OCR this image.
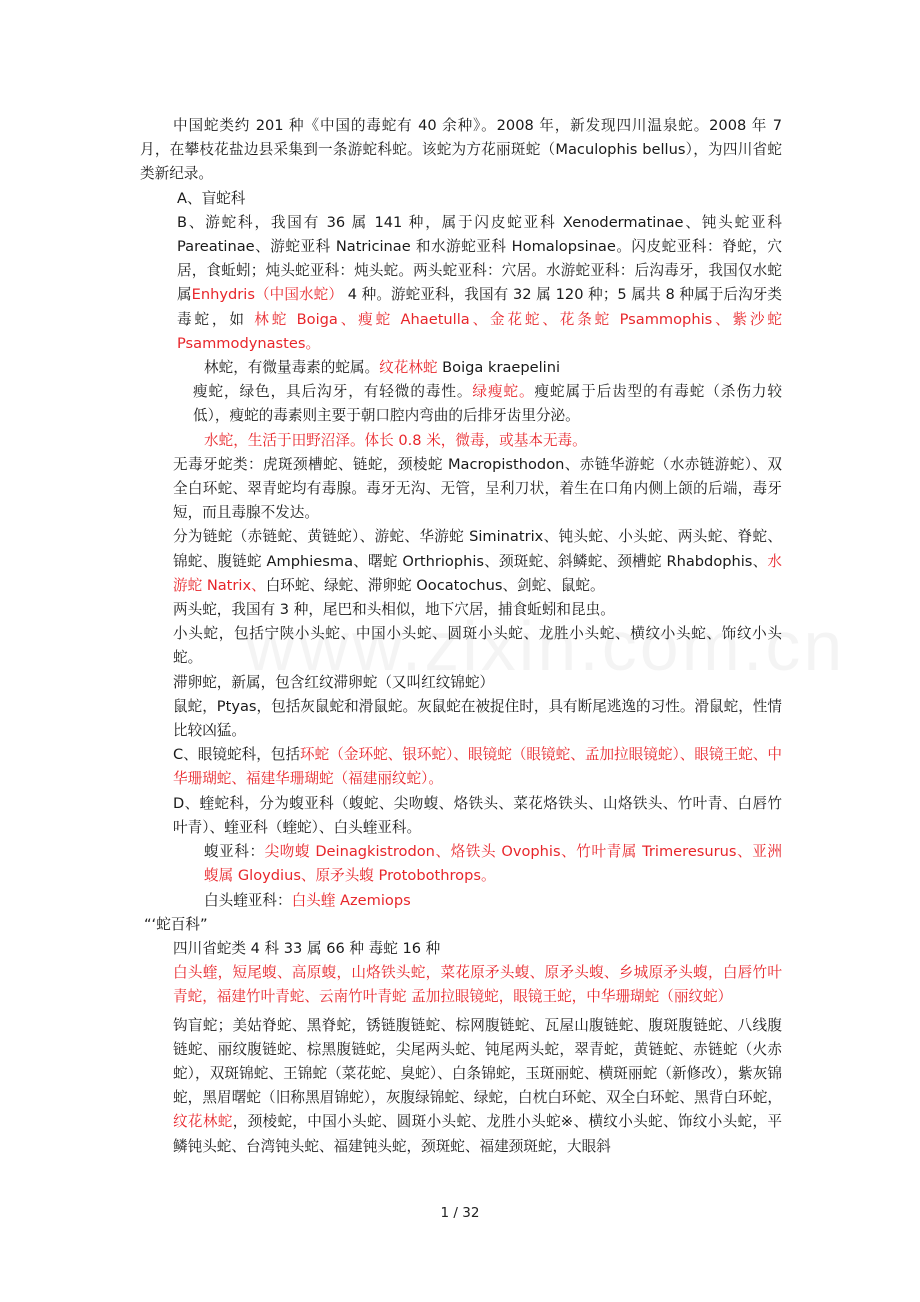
中国蛇类约 201 种《中国的毒蛇有 40 余种》。2008 年，新发现四川温泉蛇。2008 年 7 月，在攀枝花盐边县采集到一条游蛇科蛇。该蛇为方花丽斑蛇（Maculophis bellus），为四川省蛇类新纪录。

A、盲蛇科

B、游蛇科，我国有 36 属 141 种，属于闪皮蛇亚科 Xenodermatinae、钝头蛇亚科 Pareatinae、游蛇亚科 Natricinae 和水游蛇亚科 Homalopsinae。闪皮蛇亚科：脊蛇，穴居，食蚯蚓；炖头蛇亚科：炖头蛇。两头蛇亚科：穴居。水游蛇亚科：后沟毒牙，我国仅水蛇属Enhydris（中国水蛇） 4 种。游蛇亚科，我国有 32 属 120 种；5 属共 8 种属于后沟牙类毒蛇，如 林蛇 Boiga、瘦蛇 Ahaetulla、金花蛇、花条蛇 Psammophis、紫沙蛇 Psammodynastes。

林蛇，有微量毒素的蛇属。纹花林蛇 Boiga kraepelini

瘦蛇，绿色，具后沟牙，有轻微的毒性。绿瘦蛇。瘦蛇属于后齿型的有毒蛇（杀伤力较低），瘦蛇的毒素则主要于朝口腔内弯曲的后排牙齿里分泌。

水蛇，生活于田野沼泽。体长 0.8 米，微毒，或基本无毒。

无毒牙蛇类：虎斑颈槽蛇、链蛇，颈棱蛇 Macropisthodon、赤链华游蛇（水赤链游蛇）、双全白环蛇、翠青蛇均有毒腺。毒牙无沟、无管，呈利刀状，着生在口角内侧上颌的后端，毒牙短，而且毒腺不发达。

分为链蛇（赤链蛇、黄链蛇）、游蛇、华游蛇 Siminatrix、钝头蛇、小头蛇、两头蛇、脊蛇、锦蛇、腹链蛇 Amphiesma、曙蛇 Orthriophis、颈斑蛇、斜鳞蛇、颈槽蛇 Rhabdophis、水游蛇 Natrix、白环蛇、绿蛇、滞卵蛇 Oocatochus、剑蛇、鼠蛇。

两头蛇，我国有 3 种，尾巴和头相似，地下穴居，捕食蚯蚓和昆虫。

小头蛇，包括宁陕小头蛇、中国小头蛇、圆斑小头蛇、龙胜小头蛇、横纹小头蛇、饰纹小头蛇。

滞卵蛇，新属，包含红纹滞卵蛇（又叫红纹锦蛇）

鼠蛇，Ptyas，包括灰鼠蛇和滑鼠蛇。灰鼠蛇在被捉住时，具有断尾逃逸的习性。滑鼠蛇，性情比较凶猛。

C、眼镜蛇科，包括环蛇（金环蛇、银环蛇）、眼镜蛇（眼镜蛇、孟加拉眼镜蛇）、眼镜王蛇、中华珊瑚蛇、福建华珊瑚蛇（福建丽纹蛇）。

D、蝰蛇科，分为蝮亚科（蝮蛇、尖吻蝮、烙铁头、菜花烙铁头、山烙铁头、竹叶青、白唇竹叶青）、蝰亚科（蝰蛇）、白头蝰亚科。

蝮亚科：尖吻蝮 Deinagkistrodon、烙铁头 Ovophis、竹叶青属 Trimeresurus、亚洲蝮属 Gloydius、原矛头蝮 Protobothrops。

白头蝰亚科：白头蝰 Azemiops

“‘蛇百科”

四川省蛇类 4 科 33 属 66 种 毒蛇 16 种

白头蝰，短尾蝮、高原蝮，山烙铁头蛇，菜花原矛头蝮、原矛头蝮、乡城原矛头蝮，白唇竹叶青蛇，福建竹叶青蛇、云南竹叶青蛇 孟加拉眼镜蛇，眼镜王蛇，中华珊瑚蛇（丽纹蛇）

钩盲蛇；美姑脊蛇、黑脊蛇，锈链腹链蛇、棕网腹链蛇、瓦屋山腹链蛇、腹斑腹链蛇、八线腹链蛇、丽纹腹链蛇、棕黑腹链蛇，尖尾两头蛇、钝尾两头蛇，翠青蛇，黄链蛇、赤链蛇（火赤蛇），双斑锦蛇、王锦蛇（菜花蛇、臭蛇）、白条锦蛇，玉斑丽蛇、横斑丽蛇（新修改），紫灰锦蛇，黑眉曙蛇（旧称黑眉锦蛇），灰腹绿锦蛇、绿蛇，白枕白环蛇、双全白环蛇、黑背白环蛇，纹花林蛇，颈棱蛇，中国小头蛇、圆斑小头蛇、龙胜小头蛇※、横纹小头蛇、饰纹小头蛇，平鳞钝头蛇、台湾钝头蛇、福建钝头蛇，颈斑蛇、福建颈斑蛇，大眼斜

1 / 32
